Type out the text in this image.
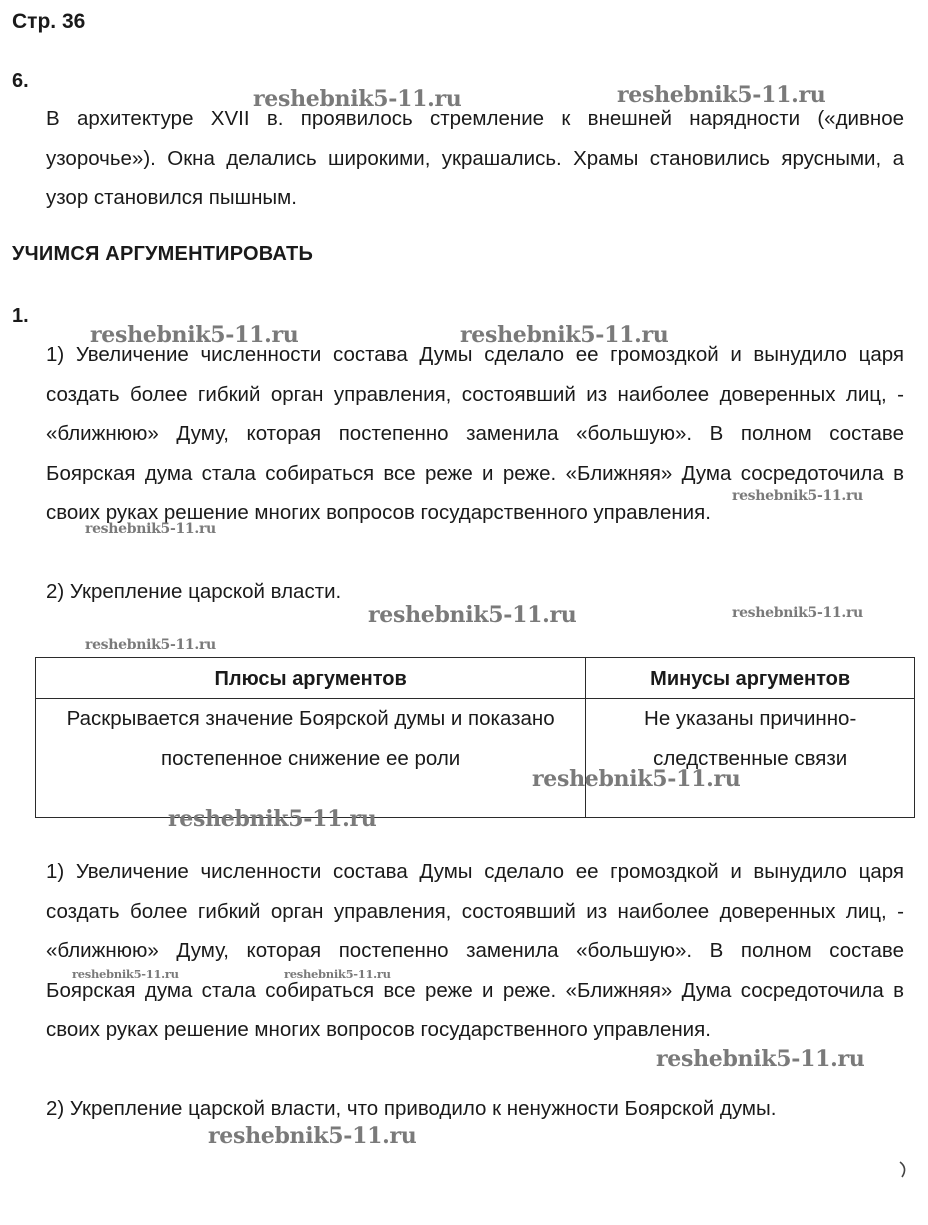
Стр. 36
6.

В архитектуре XVII в. проявилось стремление к внешней нарядности («дивное узорочье»). Окна делались широкими, украшались. Храмы становились ярусными, а узор становился пышным.

УЧИМСЯ АРГУМЕНТИРОВАТЬ
1.

1) Увеличение численности состава Думы сделало ее громоздкой и вынудило царя создать более гибкий орган управления, состоявший из наиболее доверенных лиц, - «ближнюю» Думу, которая постепенно заменила «большую». В полном составе Боярская дума стала собираться все реже и реже. «Ближняя» Дума сосредоточила в своих руках решение многих вопросов государственного управления.

2) Укрепление царской власти.

Плюсы аргументов	Минусы аргументов
Раскрывается значение Боярской думы и показано постепенное снижение ее роли	Не указаны причинно-следственные связи

1) Увеличение численности состава Думы сделало ее громоздкой и вынудило царя создать более гибкий орган управления, состоявший из наиболее доверенных лиц, - «ближнюю» Думу, которая постепенно заменила «большую». В полном составе Боярская дума стала собираться все реже и реже. «Ближняя» Дума сосредоточила в своих руках решение многих вопросов государственного управления.

2) Укрепление царской власти, что приводило к ненужности Боярской думы.

reshebnik5-11.ru	reshebnik5-11.ru
reshebnik5-11.ru	reshebnik5-11.ru
reshebnik5-11.ru
reshebnik5-11.ru
reshebnik5-11.ru	reshebnik5-11.ru
reshebnik5-11.ru
reshebnik5-11.ru
reshebnik5-11.ru
reshebnik5-11.ru	reshebnik5-11.ru
reshebnik5-11.ru
reshebnik5-11.ru
